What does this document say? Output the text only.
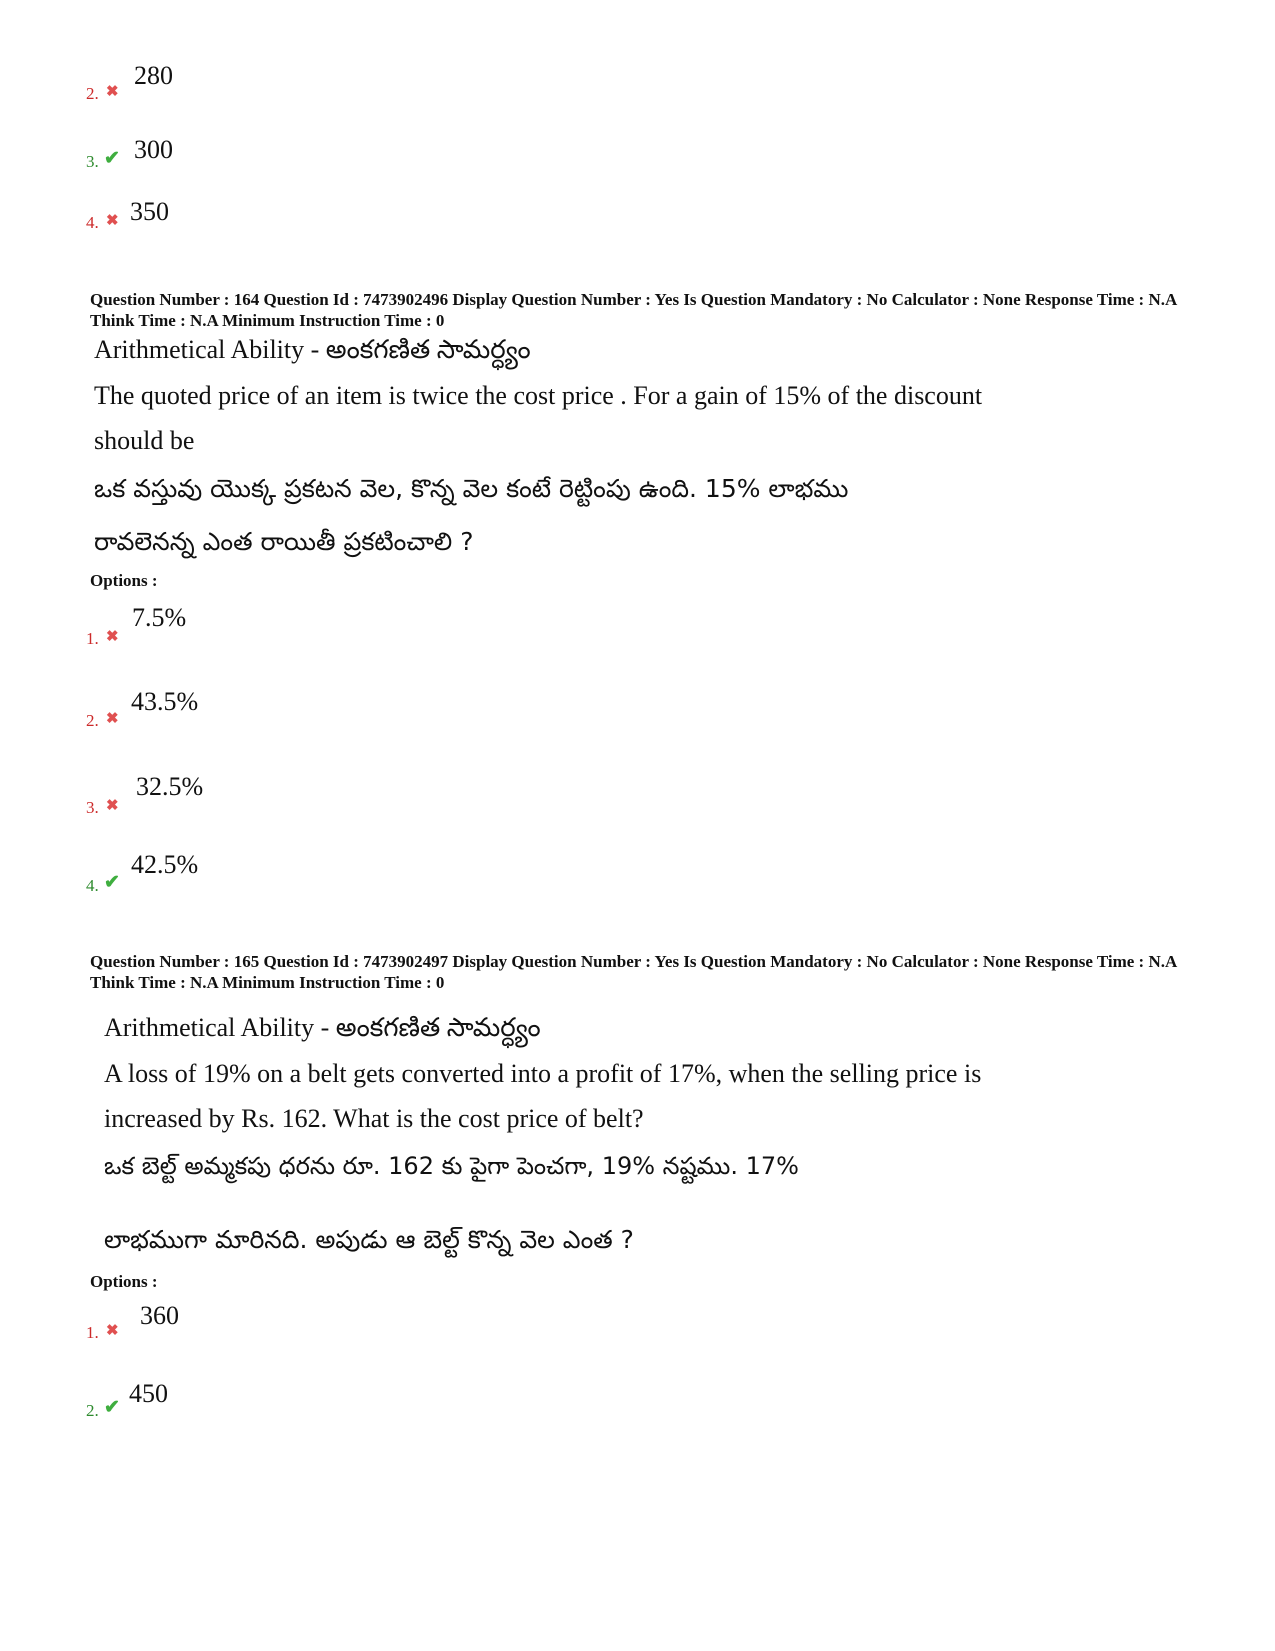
2. ✖
280
3. ✔ 300
4. ✖ 350
Question Number : 164 Question Id : 7473902496 Display Question Number : Yes Is Question Mandatory : No Calculator : None Response Time : N.A Think Time : N.A Minimum Instruction Time : 0
Arithmetical Ability - అంకగణిత సామర్ధ్యం
The quoted price of an item is twice the cost price . For a gain of 15% of the discount
should be
ఒక వస్తువు యొక్క ప్రకటన వెల, కొన్న వెల కంటే రెట్టింపు ఉంది. 15% లాభము
రావలెనన్న ఎంత రాయితీ ప్రకటించాలి ?
Options :
1. ✖
7.5%
2. ✖
43.5%
3. ✖
32.5%
4. ✔
42.5%
Question Number : 165 Question Id : 7473902497 Display Question Number : Yes Is Question Mandatory : No Calculator : None Response Time : N.A Think Time : N.A Minimum Instruction Time : 0
Arithmetical Ability - అంకగణిత సామర్ధ్యం
A loss of 19% on a belt gets converted into a profit of 17%, when the selling price is
increased by Rs. 162. What is the cost price of belt?
ఒక బెల్ట్ అమ్మకపు ధరను రూ. 162 కు పైగా పెంచగా, 19% నష్టము. 17%
లాభముగా మారినది. అపుడు ఆ బెల్ట్ కొన్న వెల ఎంత ?
Options :
1. ✖
360
2. ✔ 450
